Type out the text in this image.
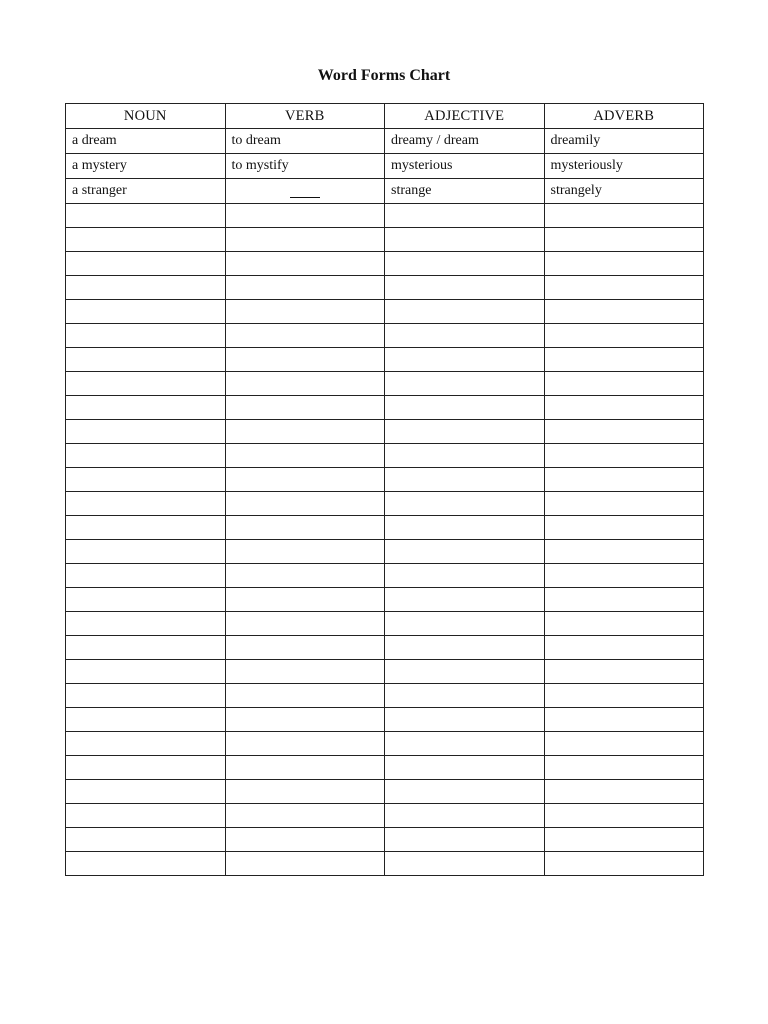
Word Forms Chart
NOUN	VERB	ADJECTIVE	ADVERB
a dream	to dream	dreamy / dream	dreamily
a mystery	to mystify	mysterious	mysteriously
a stranger		strange	strangely
